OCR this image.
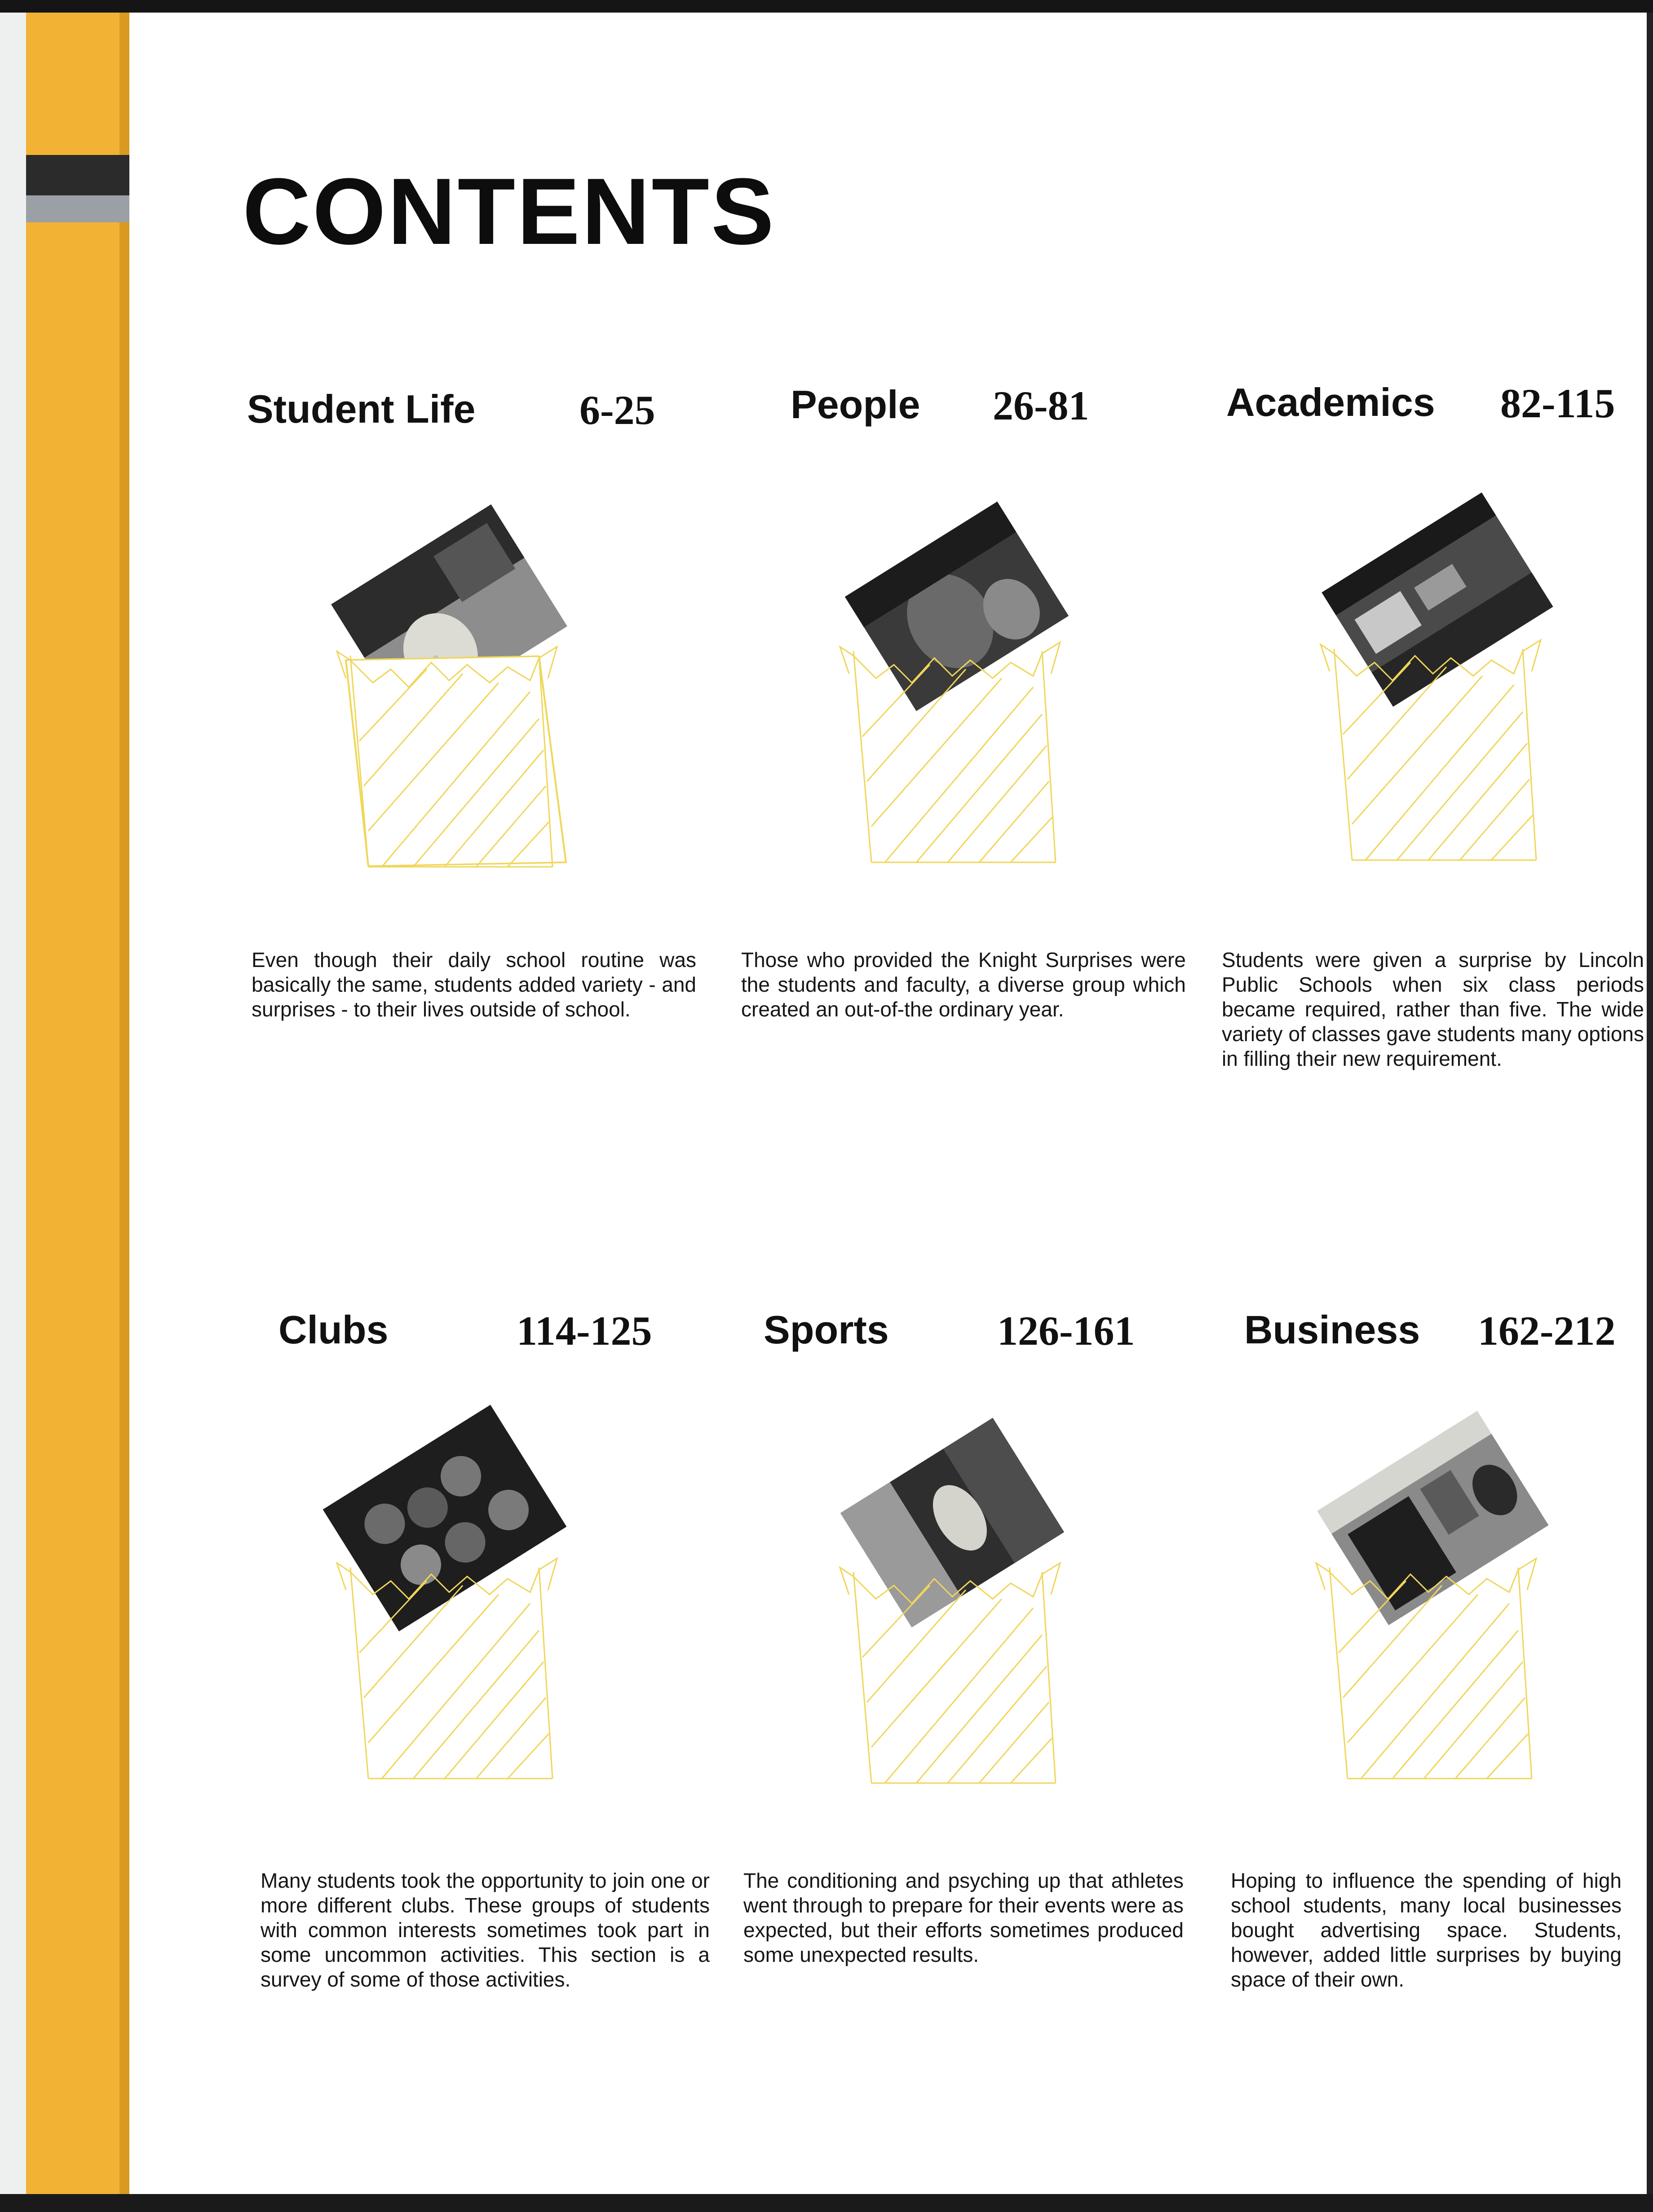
CONTENTS
Student Life	6-25

Even though their daily school routine was basically the same, students added variety - and surprises - to their lives outside of school.

People 26-81

Those who provided the Knight Surprises were the students and faculty, a diverse group which created an out-of-the ordinary year.

Academics 82-115

Students were given a surprise by Lincoln Public Schools when six class periods became required, rather than five. The wide variety of classes gave students many options in filling their new requirement.

Clubs	114-125

Many students took the opportunity to join one or more different clubs. These groups of students with common interests sometimes took part in some uncommon activities. This section is a survey of some of those activities.

Sports	126-161

The conditioning and psyching up that athletes went through to prepare for their events were as expected, but their efforts sometimes produced some unexpected results.

Business 162-212

Hoping to influence the spending of high school students, many local businesses bought advertising space. Students, however, added little surprises by buying space of their own.
